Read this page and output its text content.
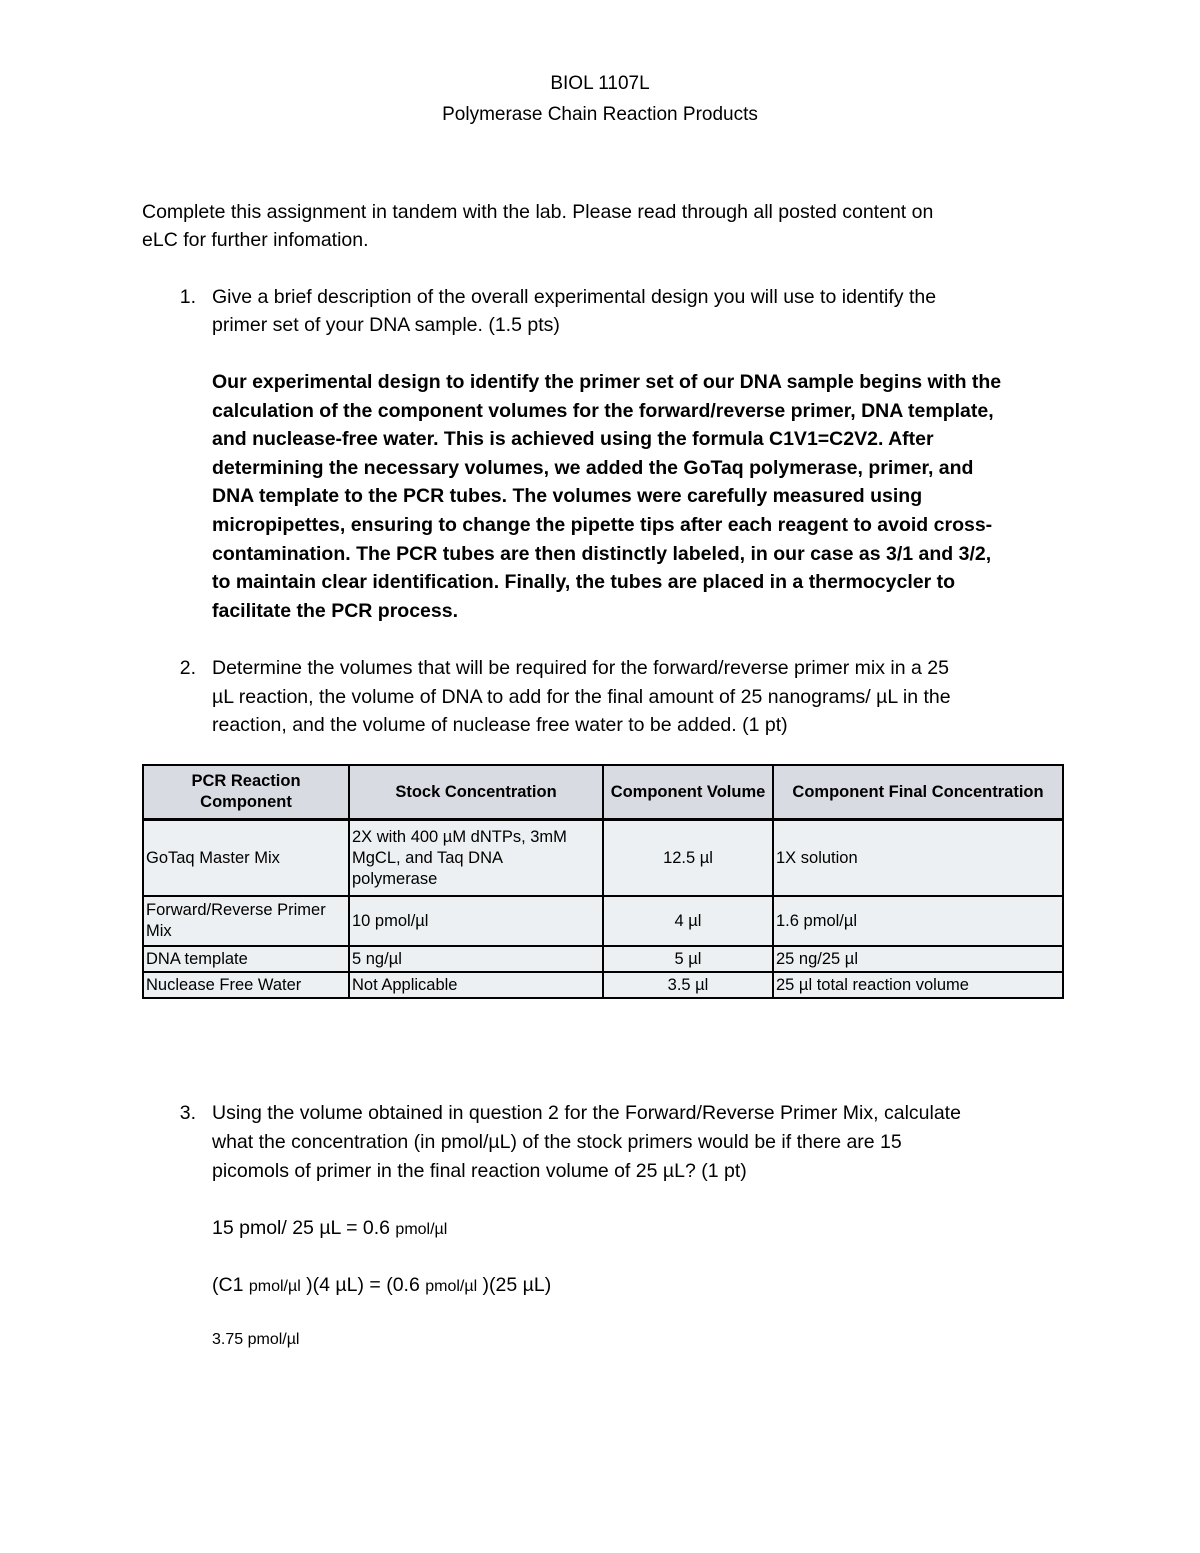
BIOL 1107L
Polymerase Chain Reaction Products
Complete this assignment in tandem with the lab. Please read through all posted content on
eLC for further infomation.
1. Give a brief description of the overall experimental design you will use to identify the
primer set of your DNA sample. (1.5 pts)
Our experimental design to identify the primer set of our DNA sample begins with the
calculation of the component volumes for the forward/reverse primer, DNA template,
and nuclease-free water. This is achieved using the formula C1V1=C2V2. After
determining the necessary volumes, we added the GoTaq polymerase, primer, and
DNA template to the PCR tubes. The volumes were carefully measured using
micropipettes, ensuring to change the pipette tips after each reagent to avoid cross-
contamination. The PCR tubes are then distinctly labeled, in our case as 3/1 and 3/2,
to maintain clear identification. Finally, the tubes are placed in a thermocycler to
facilitate the PCR process.
2. Determine the volumes that will be required for the forward/reverse primer mix in a 25
µL reaction, the volume of DNA to add for the final amount of 25 nanograms/ µL in the
reaction, and the volume of nuclease free water to be added. (1 pt)
PCR Reaction
Component	Stock Concentration	Component Volume	Component Final Concentration
GoTaq Master Mix	2X with 400 µM dNTPs, 3mM
MgCL, and Taq DNA
polymerase	12.5 µl	1X solution
Forward/Reverse Primer
Mix	10 pmol/µl	4 µl	1.6 pmol/µl
DNA template	5 ng/µl	5 µl	25 ng/25 µl
Nuclease Free Water	Not Applicable	3.5 µl	25 µl total reaction volume
3. Using the volume obtained in question 2 for the Forward/Reverse Primer Mix, calculate
what the concentration (in pmol/µL) of the stock primers would be if there are 15
picomols of primer in the final reaction volume of 25 µL? (1 pt)
15 pmol/ 25 µL = 0.6 pmol/µl
(C1 pmol/µl )(4 µL) = (0.6 pmol/µl )(25 µL)
3.75 pmol/µl
